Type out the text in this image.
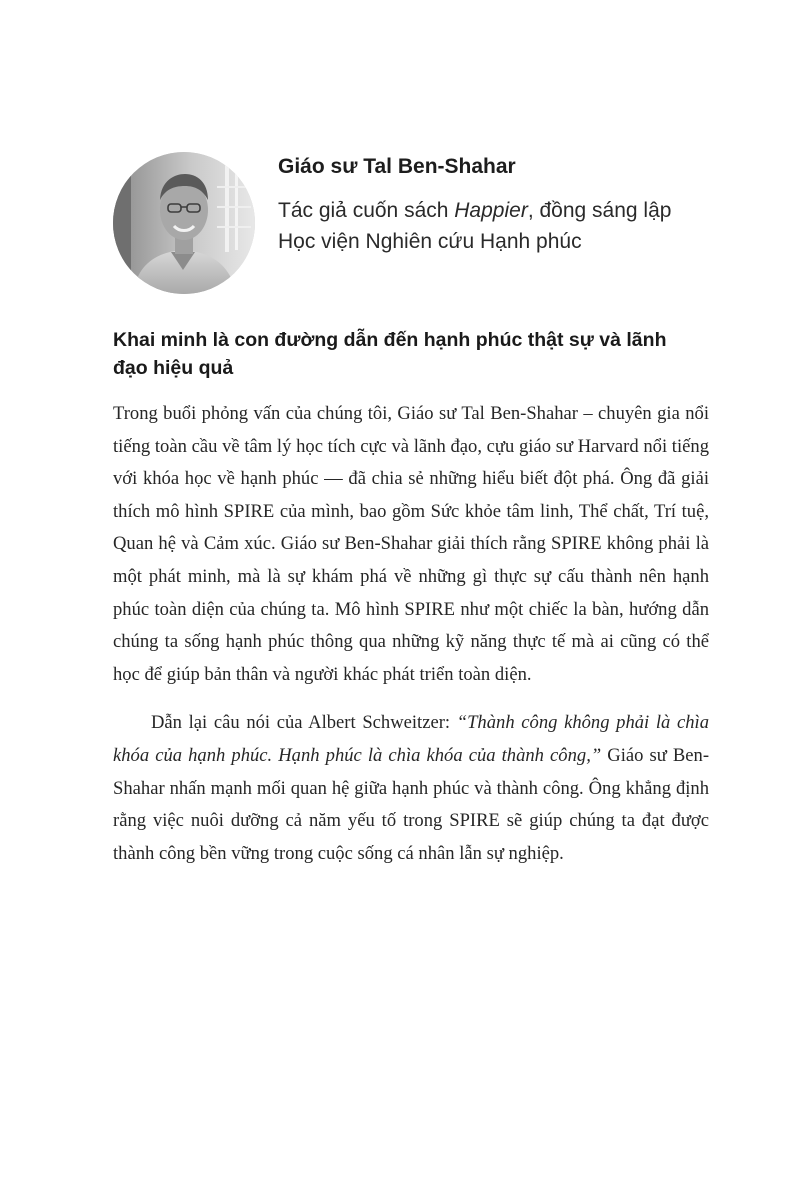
Giáo sư Tal Ben-Shahar
Tác giả cuốn sách Happier, đồng sáng lập Học viện Nghiên cứu Hạnh phúc
Khai minh là con đường dẫn đến hạnh phúc thật sự và lãnh đạo hiệu quả

Trong buổi phỏng vấn của chúng tôi, Giáo sư Tal Ben-Shahar – chuyên gia nổi tiếng toàn cầu về tâm lý học tích cực và lãnh đạo, cựu giáo sư Harvard nổi tiếng với khóa học về hạnh phúc — đã chia sẻ những hiểu biết đột phá. Ông đã giải thích mô hình SPIRE của mình, bao gồm Sức khỏe tâm linh, Thể chất, Trí tuệ, Quan hệ và Cảm xúc. Giáo sư Ben-Shahar giải thích rằng SPIRE không phải là một phát minh, mà là sự khám phá về những gì thực sự cấu thành nên hạnh phúc toàn diện của chúng ta. Mô hình SPIRE như một chiếc la bàn, hướng dẫn chúng ta sống hạnh phúc thông qua những kỹ năng thực tế mà ai cũng có thể học để giúp bản thân và người khác phát triển toàn diện.

Dẫn lại câu nói của Albert Schweitzer: “Thành công không phải là chìa khóa của hạnh phúc. Hạnh phúc là chìa khóa của thành công,” Giáo sư Ben-Shahar nhấn mạnh mối quan hệ giữa hạnh phúc và thành công. Ông khẳng định rằng việc nuôi dưỡng cả năm yếu tố trong SPIRE sẽ giúp chúng ta đạt được thành công bền vững trong cuộc sống cá nhân lẫn sự nghiệp.
